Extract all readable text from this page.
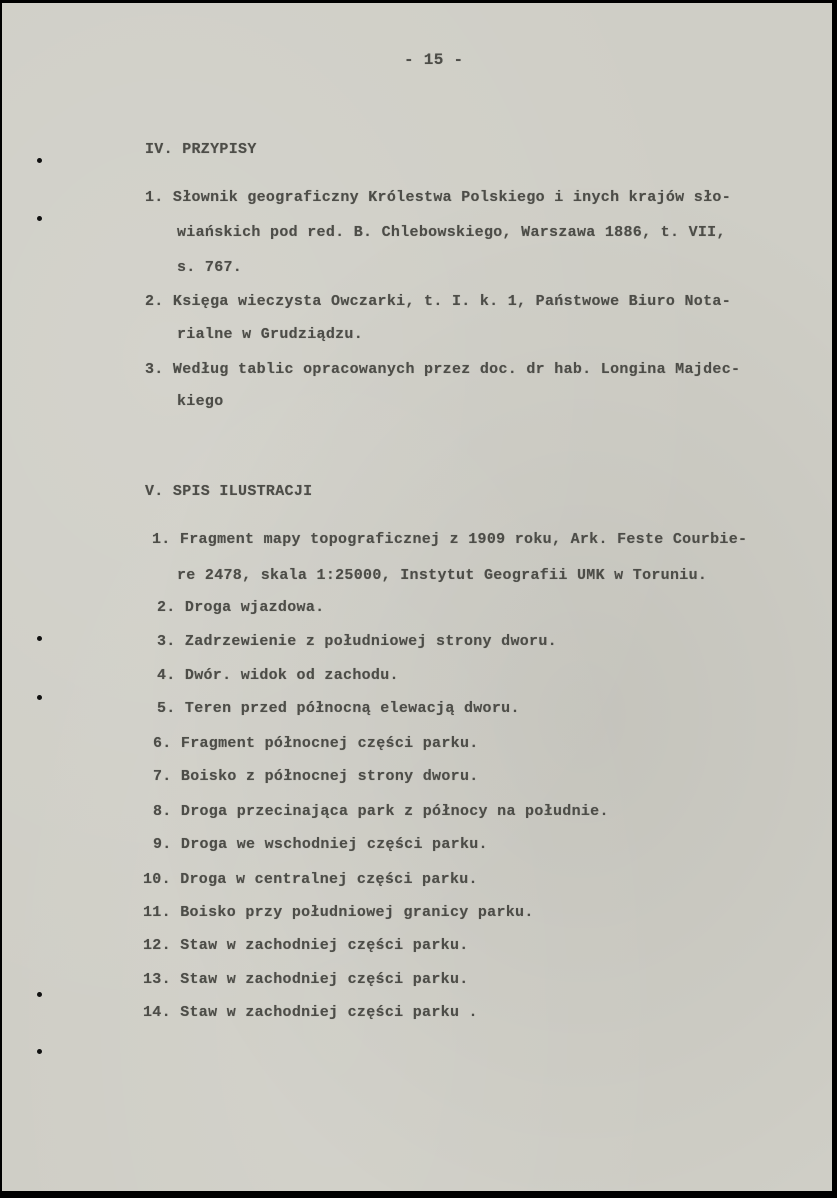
- 15 -
IV. PRZYPISY
1. Słownik geograficzny Królestwa Polskiego i inych krajów sło-
wiańskich pod red. B. Chlebowskiego, Warszawa 1886, t. VII,
s. 767.
2. Księga wieczysta Owczarki, t. I. k. 1, Państwowe Biuro Nota-
rialne w Grudziądzu.
3. Według tablic opracowanych przez doc. dr hab. Longina Majdec-
kiego
V. SPIS ILUSTRACJI
1. Fragment mapy topograficznej z 1909 roku, Ark. Feste Courbie-
re 2478, skala 1:25000, Instytut Geografii UMK w Toruniu.
2. Droga wjazdowa.
3. Zadrzewienie z południowej strony dworu.
4. Dwór. widok od zachodu.
5. Teren przed północną elewacją dworu.
6. Fragment północnej części parku.
7. Boisko z północnej strony dworu.
8. Droga przecinająca park z północy na południe.
9. Droga we wschodniej części parku.
10. Droga w centralnej części parku.
11. Boisko przy południowej granicy parku.
12. Staw w zachodniej części parku.
13. Staw w zachodniej części parku.
14. Staw w zachodniej części parku .
